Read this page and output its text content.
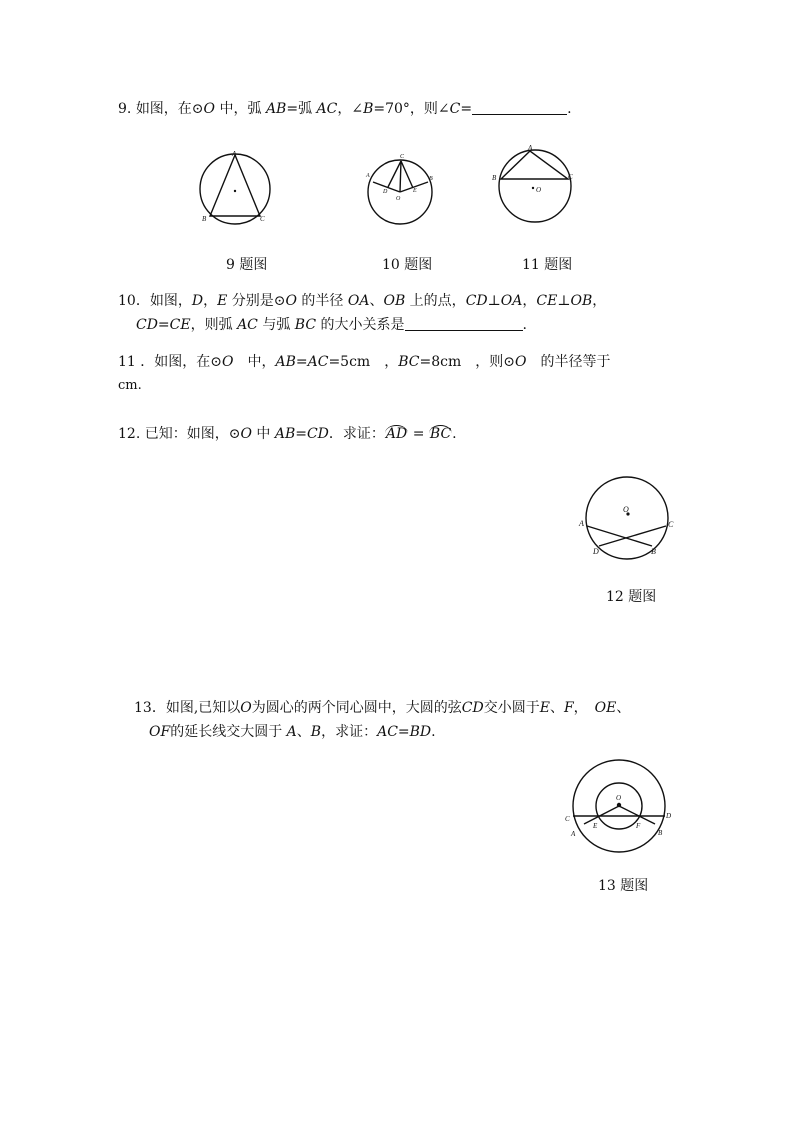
9. 如图，在⊙O 中，弧 AB=弧 AC，∠B=70°，则∠C=	.
A
B	C
9 题图
C
A	B
D	E
O
10 题图
A
B	C
O
11 题图
10．如图，D，E 分别是⊙O 的半径 OA、OB 上的点，CD⊥OA，CE⊥OB，
CD=CE，则弧 AC 与弧 BC 的大小关系是	.
11 ．如图，在⊙O　中，AB=AC=5cm　，BC=8cm　，则⊙O　的半径等于
cm.
12. 已知：如图，⊙O 中 AB=CD．求证：AD = BC.
O
A	C
D	B
12 题图
13．如图,已知以O为圆心的两个同心圆中，大圆的弦CD交小圆于E、F，　 OE、
OF的延长线交大圆于 A、B，求证：AC=BD.
O
C	D
E	F
A	B
13 题图
